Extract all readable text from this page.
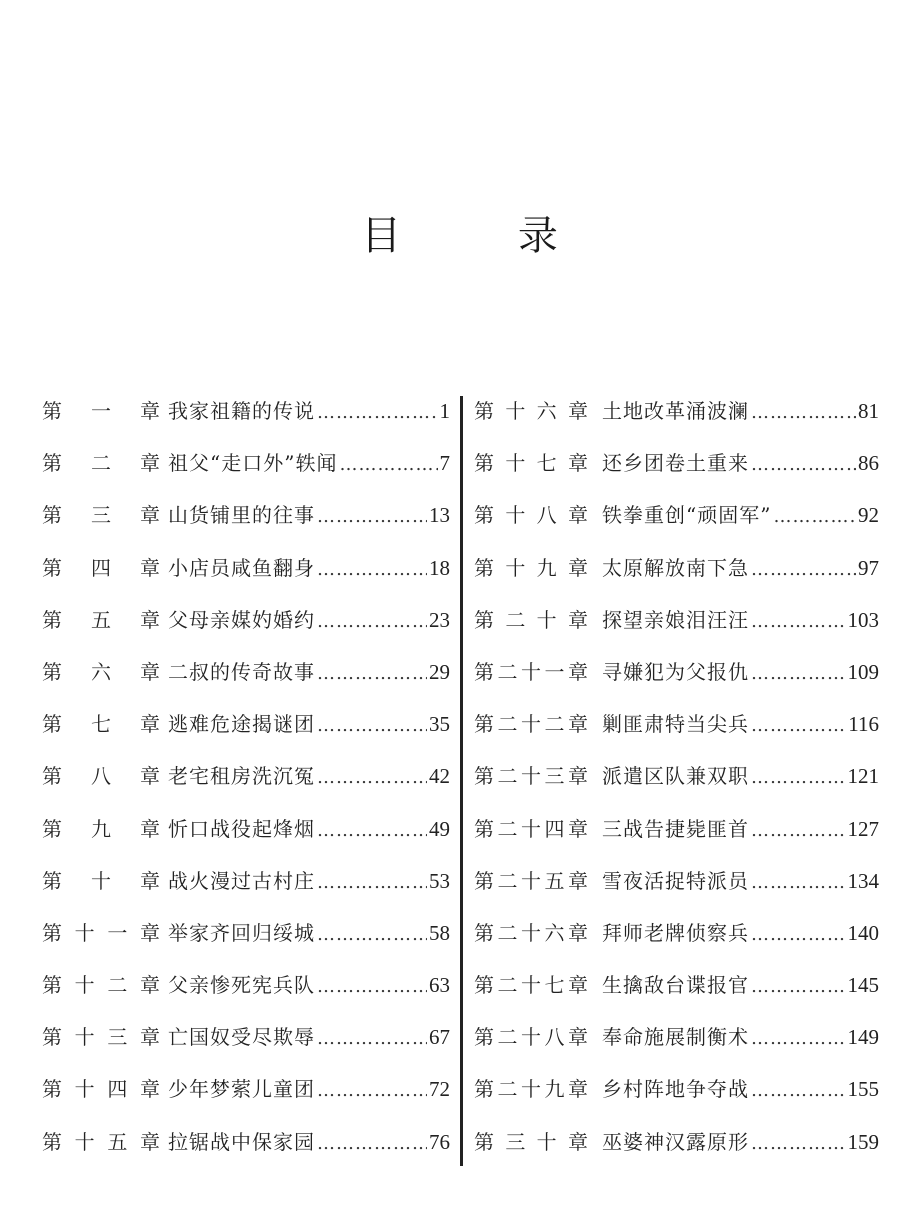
目 录
第 一 章 我家祖籍的传说 …………………………………………………………	1
第 二 章 祖父“走口外”轶闻 …………………………………………………………	7
第 三 章 山货铺里的往事 …………………………………………………………	13
第 四 章 小店员咸鱼翻身 …………………………………………………………	18
第 五 章 父母亲媒妁婚约 …………………………………………………………	23
第 六 章 二叔的传奇故事 …………………………………………………………	29
第 七 章 逃难危途揭谜团 …………………………………………………………	35
第 八 章 老宅租房洗沉冤 …………………………………………………………	42
第 九 章 忻口战役起烽烟 …………………………………………………………	49
第 十 章 战火漫过古村庄 …………………………………………………………	53
第 十 一 章 举家齐回归绥城 …………………………………………………………	58
第 十 二 章 父亲惨死宪兵队 …………………………………………………………	63
第 十 三 章 亡国奴受尽欺辱 …………………………………………………………	67
第 十 四 章 少年梦萦儿童团 …………………………………………………………	72
第 十 五 章 拉锯战中保家园 …………………………………………………………	76
第 十 六 章 土地改革涌波澜 …………………………………………………………	81
第 十 七 章 还乡团卷土重来 …………………………………………………………	86
第 十 八 章 铁拳重创“顽固军” …………………………………………………………	92
第 十 九 章 太原解放南下急 …………………………………………………………	97
第 二 十 章 探望亲娘泪汪汪 …………………………………………………………	103
第 二 十 一 章 寻嫌犯为父报仇 …………………………………………………………	109
第 二 十 二 章 剿匪肃特当尖兵 …………………………………………………………	116
第 二 十 三 章 派遣区队兼双职 …………………………………………………………	121
第 二 十 四 章 三战告捷毙匪首 …………………………………………………………	127
第 二 十 五 章 雪夜活捉特派员 …………………………………………………………	134
第 二 十 六 章 拜师老牌侦察兵 …………………………………………………………	140
第 二 十 七 章 生擒敌台谍报官 …………………………………………………………	145
第 二 十 八 章 奉命施展制衡术 …………………………………………………………	149
第 二 十 九 章 乡村阵地争夺战 …………………………………………………………	155
第 三 十 章 巫婆神汉露原形 …………………………………………………………	159
